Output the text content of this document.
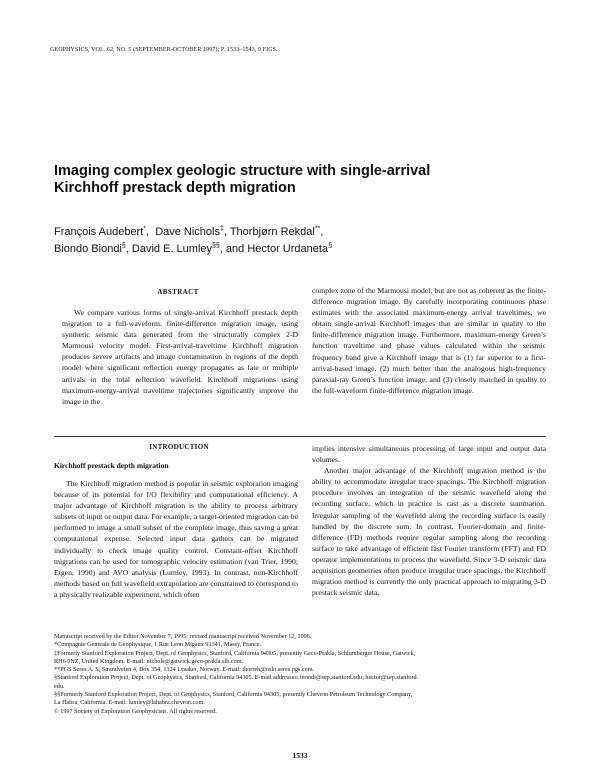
GEOPHYSICS, VOL. 62, NO. 5 (SEPTEMBER-OCTOBER 1997); P. 1533–1543, 9 FIGS.
Imaging complex geologic structure with single-arrival
Kirchhoff prestack depth migration
François Audebert*,  Dave Nichols‡, Thorbjørn Rekdal**,
Biondo Biondi§, David E. Lumley§§, and Hector Urdaneta§
ABSTRACT

We compare various forms of single-arrival Kirchhoff prestack depth migration to a full-waveform, finite-difference migration image, using synthetic seismic data generated from the structurally complex 2-D Marmousi velocity model. First-arrival-traveltime Kirchhoff migration produces severe artifacts and image contamination in regions of the depth model where significant reflection energy propagates as late or multiple arrivals in the total reflection wavefield. Kirchhoff migrations using maximum-energy-arrival traveltime trajectories significantly improve the image in the

complex zone of the Marmousi model, but are not as coherent as the finite-difference migration image. By carefully incorporating continuous phase estimates with the associated maximum-energy arrival traveltimes, we obtain single-arrival Kirchhoff images that are similar in quality to the finite-difference migration image. Furthermore, maximum-energy Green’s function traveltime and phase values calculated within the seismic frequency band give a Kirchhoff image that is (1) far superior to a first-arrival-based image, (2) much better than the analogous high-frequency paraxial-ray Green’s function image, and (3) closely matched in quality to the full-waveform finite-difference migration image.

INTRODUCTION
Kirchhoff prestack depth migration

The Kirchhoff migration method is popular in seismic exploration imaging because of its potential for I/O flexibility and computational efficiency. A major advantage of Kirchhoff migration is the ability to process arbitrary subsets of input or output data. For example, a target-oriented migration can be performed to image a small subset of the complete image, thus saving a great computational expense. Selected input data gathers can be migrated individually to check image quality control. Constant-offset Kirchhoff migrations can be used for tomographic velocity estimation (van Trier, 1990; Etgen, 1990) and AVO analysis (Lumley, 1993). In contrast, non-Kirchhoff methods based on full wavefield extrapolation are constrained to correspond to a physically realizable experiment, which often

implies intensive simultaneous processing of large input and output data volumes.

Another major advantage of the Kirchhoff migration method is the ability to accommodate irregular trace spacings. The Kirchhoff migration procedure involves an integration of the seismic wavefield along the recording surface, which in practice is cast as a discrete summation. Irregular sampling of the wavefield along the recording surface is easily handled by the discrete sum. In contrast, Fourier-domain and finite-difference (FD) methods require regular sampling along the recording surface to take advantage of efficient fast Fourier transform (FFT) and FD operator implementations to process the wavefield. Since 3-D seismic data acquisition geometries often produce irregular trace spacings, the Kirchhoff migration method is currently the only practical approach to migrating 3-D prestack seismic data.

Manuscript received by the Editor November 7, 1995; revised manuscript received November 12, 1996.
*Compagnie Generale de Geophysique, 1 Rue Leon Migaux 91341, Massy, France.
‡Formerly Stanford Exploration Project, Dept. of Geophysics, Stanford, California 94305; presently Geco-Prakla, Schlumberger House, Gatwick,
RH6 0NZ, United Kingdom. E-mail: nichols@gatwick.geco-prakla.slb.com.
**PGS Seres A. S, Strandveien 4, Box 354, 1324 Lysaker, Norway. E-mail: thorreh@oslo.seres.pgs.com.
§Stanford Exploration Project, Dept. of Geophysics, Stanford, California 94305. E-mail addresses: biondi@sep.stanford.edu; hector@sep.stanford.
edu.
§§Formerly Stanford Exploration Project, Dept. of Geophysics, Stanford, California 94305; presently Chevron Petroleum Technology Company,
La Habra, California. E-mail: lumley@lahabra.chevron.com.
© 1997 Society of Exploration Geophysicists. All rights reserved.
1533
